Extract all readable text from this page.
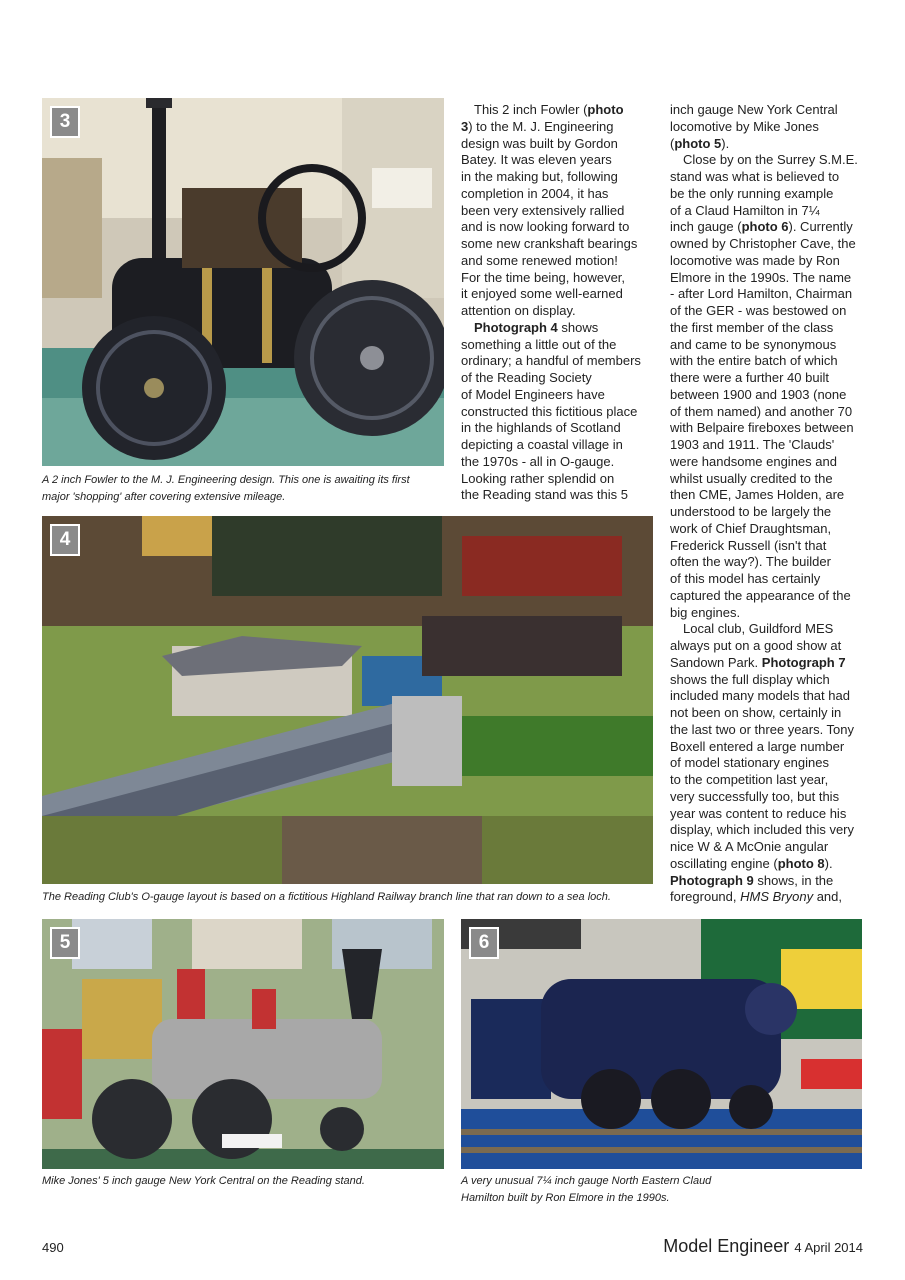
3
A 2 inch Fowler to the M. J. Engineering design. This one is awaiting its first
major 'shopping' after covering extensive mileage.
4
The Reading Club's O-gauge layout is based on a fictitious Highland Railway branch line that ran down to a sea loch.
5
Mike Jones' 5 inch gauge New York Central on the Reading stand.
6
A very unusual 7¼ inch gauge North Eastern Claud
Hamilton built by Ron Elmore in the 1990s.
This 2 inch Fowler (photo
3) to the M. J. Engineering
design was built by Gordon
Batey. It was eleven years
in the making but, following
completion in 2004, it has
been very extensively rallied
and is now looking forward to
some new crankshaft bearings
and some renewed motion!
For the time being, however,
it enjoyed some well-earned
attention on display.
Photograph 4 shows
something a little out of the
ordinary; a handful of members
of the Reading Society
of Model Engineers have
constructed this fictitious place
in the highlands of Scotland
depicting a coastal village in
the 1970s - all in O-gauge.
Looking rather splendid on
the Reading stand was this 5
inch gauge New York Central
locomotive by Mike Jones
(photo 5).
Close by on the Surrey S.M.E.
stand was what is believed to
be the only running example
of a Claud Hamilton in 7¼
inch gauge (photo 6). Currently
owned by Christopher Cave, the
locomotive was made by Ron
Elmore in the 1990s. The name
- after Lord Hamilton, Chairman
of the GER - was bestowed on
the first member of the class
and came to be synonymous
with the entire batch of which
there were a further 40 built
between 1900 and 1903 (none
of them named) and another 70
with Belpaire fireboxes between
1903 and 1911. The 'Clauds'
were handsome engines and
whilst usually credited to the
then CME, James Holden, are
understood to be largely the
work of Chief Draughtsman,
Frederick Russell (isn't that
often the way?). The builder
of this model has certainly
captured the appearance of the
big engines.
Local club, Guildford MES
always put on a good show at
Sandown Park. Photograph 7
shows the full display which
included many models that had
not been on show, certainly in
the last two or three years. Tony
Boxell entered a large number
of model stationary engines
to the competition last year,
very successfully too, but this
year was content to reduce his
display, which included this very
nice W & A McOnie angular
oscillating engine (photo 8).
Photograph 9 shows, in the
foreground, HMS Bryony and,
490	Model Engineer 4 April 2014
